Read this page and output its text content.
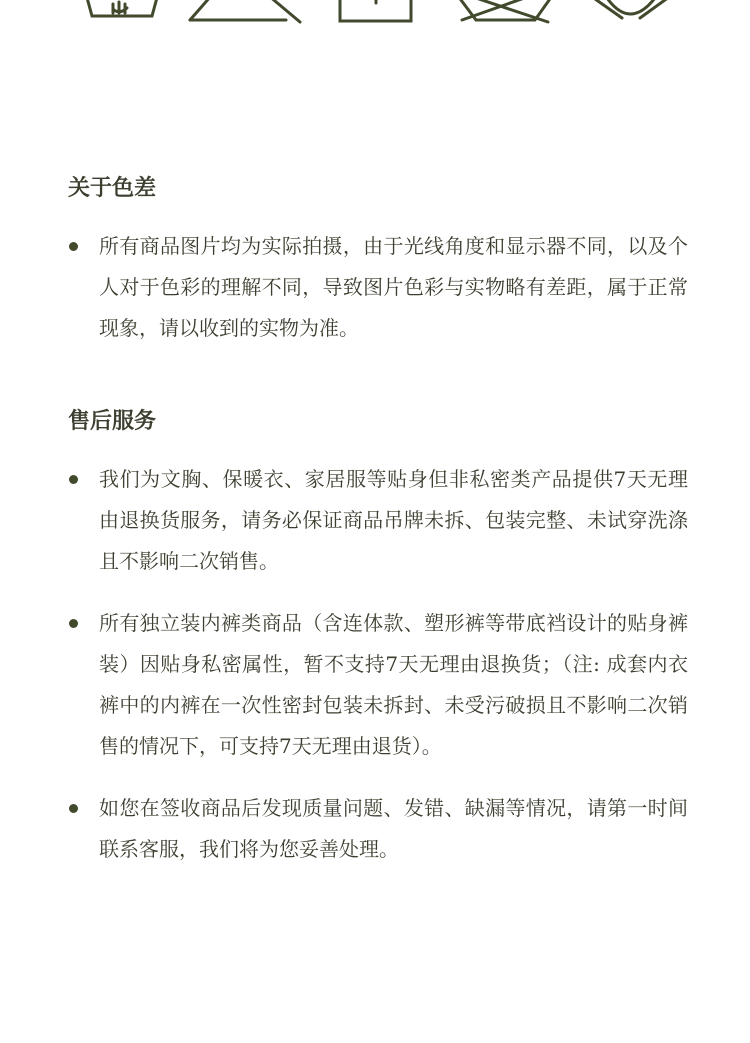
关于色差
所有商品图片均为实际拍摄，由于光线角度和显示器不同，以及个人对于色彩的理解不同，导致图片色彩与实物略有差距，属于正常现象，请以收到的实物为准。
售后服务
我们为文胸、保暖衣、家居服等贴身但非私密类产品提供7天无理由退换货服务，请务必保证商品吊牌未拆、包装完整、未试穿洗涤且不影响二次销售。
所有独立装内裤类商品（含连体款、塑形裤等带底裆设计的贴身裤装）因贴身私密属性，暂不支持7天无理由退换货；（注: 成套内衣裤中的内裤在一次性密封包装未拆封、未受污破损且不影响二次销售的情况下，可支持7天无理由退货）。
如您在签收商品后发现质量问题、发错、缺漏等情况，请第一时间联系客服，我们将为您妥善处理。
